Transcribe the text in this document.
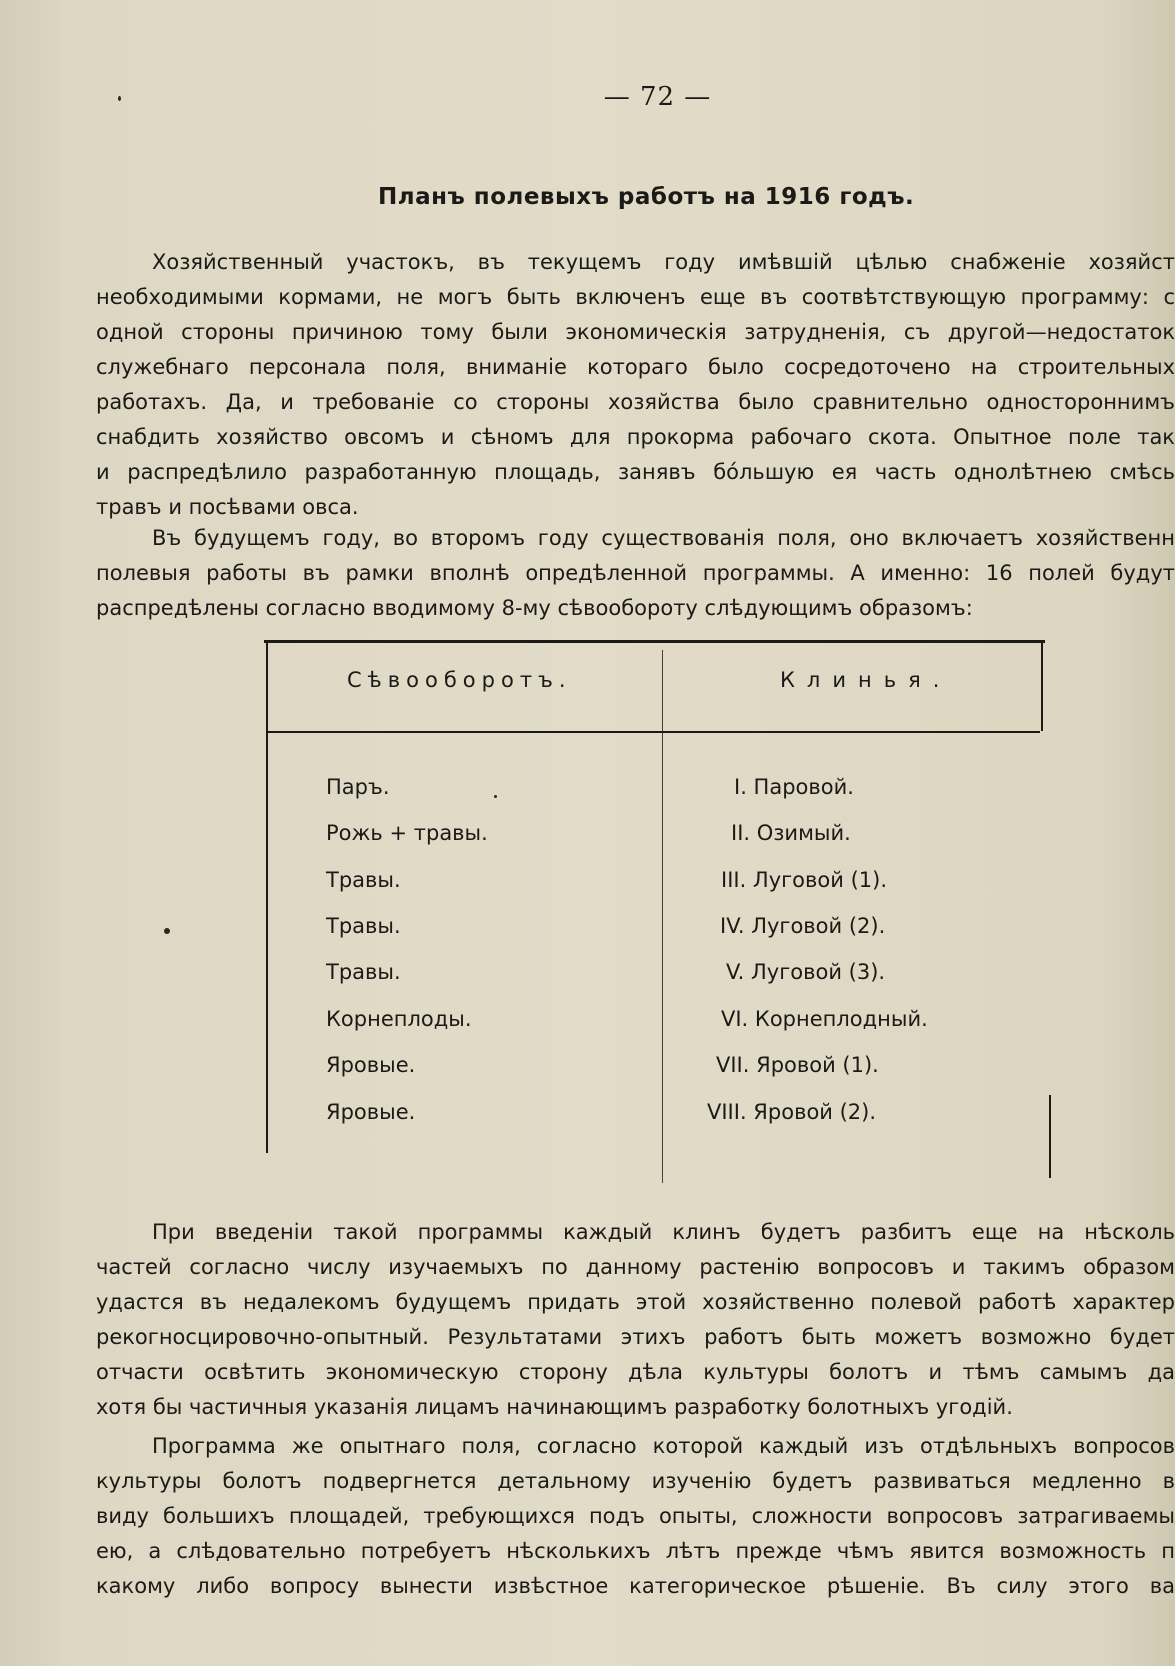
— 72 —
Планъ полевыхъ работъ на 1916 годъ.
Хозяйственный участокъ, въ текущемъ году имѣвшій цѣлью снабженіе хозяйст
необходимыми кормами, не могъ быть включенъ еще въ соотвѣтствующую программу: с
одной стороны причиною тому были экономическія затрудненія, съ другой—недостаток
служебнаго персонала поля, вниманіе котораго было сосредоточено на строительных
работахъ. Да, и требованіе со стороны хозяйства было сравнительно одностороннимъ
снабдить хозяйство овсомъ и сѣномъ для прокорма рабочаго скота. Опытное поле так
и распредѣлило разработанную площадь, занявъ бóльшую ея часть однолѣтнею смѣсь
травъ и посѣвами овса.
Въ будущемъ году, во второмъ году существованія поля, оно включаетъ хозяйственн
полевыя работы въ рамки вполнѣ опредѣленной программы. А именно: 16 полей будут
распредѣлены согласно вводимому 8-му сѣвообороту слѣдующимъ образомъ:
Сѣвооборотъ.	Клинья.
Паръ.	I. Паровой.
Рожь + травы.	II. Озимый.
Травы.	III. Луговой (1).
Травы.	IV. Луговой (2).
Травы.	V. Луговой (3).
Корнеплоды.	VI. Корнеплодный.
Яровые.	VII. Яровой (1).
Яровые.	VIII. Яровой (2).
При введеніи такой программы каждый клинъ будетъ разбитъ еще на нѣсколь
частей согласно числу изучаемыхъ по данному растенію вопросовъ и такимъ образом
удастся въ недалекомъ будущемъ придать этой хозяйственно полевой работѣ характер
рекогносцировочно-опытный. Результатами этихъ работъ быть можетъ возможно будет
отчасти освѣтить экономическую сторону дѣла культуры болотъ и тѣмъ самымъ да
хотя бы частичныя указанія лицамъ начинающимъ разработку болотныхъ угодій.
Программа же опытнаго поля, согласно которой каждый изъ отдѣльныхъ вопросов
культуры болотъ подвергнется детальному изученію будетъ развиваться медленно в
виду большихъ площадей, требующихся подъ опыты, сложности вопросовъ затрагиваемы
ею, а слѣдовательно потребуетъ нѣсколькихъ лѣтъ прежде чѣмъ явится возможность п
какому либо вопросу вынести извѣстное категорическое рѣшеніе. Въ силу этого ва
